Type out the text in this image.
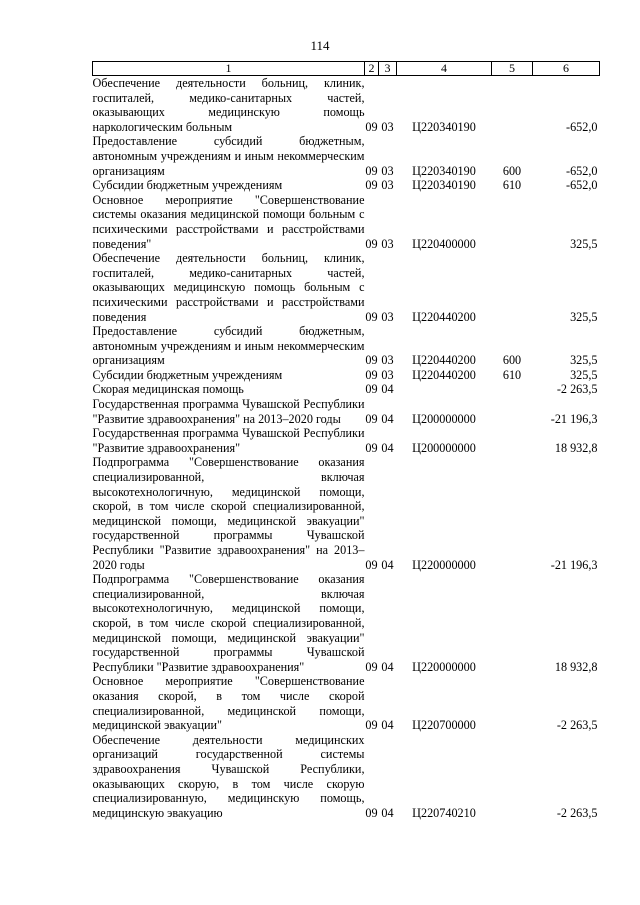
114
1	2	3	4	5	6
Обеспечение деятельности больниц, клиник, госпиталей, медико-санитарных частей, оказывающих медицинскую помощь наркологическим больным	09	03	Ц220340190		-652,0
Предоставление субсидий бюджетным, автономным учреждениям и иным некоммерческим организациям	09	03	Ц220340190	600	-652,0
Субсидии бюджетным учреждениям	09	03	Ц220340190	610	-652,0
Основное мероприятие "Совершенствование системы оказания медицинской помощи больным с психическими расстройствами и расстройствами поведения"	09	03	Ц220400000		325,5
Обеспечение деятельности больниц, клиник, госпиталей, медико-санитарных частей, оказывающих медицинскую помощь больным с психическими расстройствами и расстройствами поведения	09	03	Ц220440200		325,5
Предоставление субсидий бюджетным, автономным учреждениям и иным некоммерческим организациям	09	03	Ц220440200	600	325,5
Субсидии бюджетным учреждениям	09	03	Ц220440200	610	325,5
Скорая медицинская помощь	09	04			-2 263,5
Государственная программа Чувашской Республики "Развитие здравоохранения" на 2013–2020 годы	09	04	Ц200000000		-21 196,3
Государственная программа Чувашской Республики "Развитие здравоохранения"	09	04	Ц200000000		18 932,8
Подпрограмма "Совершенствование оказания специализированной, включая высокотехнологичную, медицинской помощи, скорой, в том числе скорой специализированной, медицинской помощи, медицинской эвакуации" государственной программы Чувашской Республики "Развитие здравоохранения" на 2013–2020 годы	09	04	Ц220000000		-21 196,3
Подпрограмма "Совершенствование оказания специализированной, включая высокотехнологичную, медицинской помощи, скорой, в том числе скорой специализированной, медицинской помощи, медицинской эвакуации" государственной программы Чувашской Республики "Развитие здравоохранения"	09	04	Ц220000000		18 932,8
Основное мероприятие "Совершенствование оказания скорой, в том числе скорой специализированной, медицинской помощи, медицинской эвакуации"	09	04	Ц220700000		-2 263,5
Обеспечение деятельности медицинских организаций государственной системы здравоохранения Чувашской Республики, оказывающих скорую, в том числе скорую специализированную, медицинскую помощь, медицинскую эвакуацию	09	04	Ц220740210		-2 263,5
